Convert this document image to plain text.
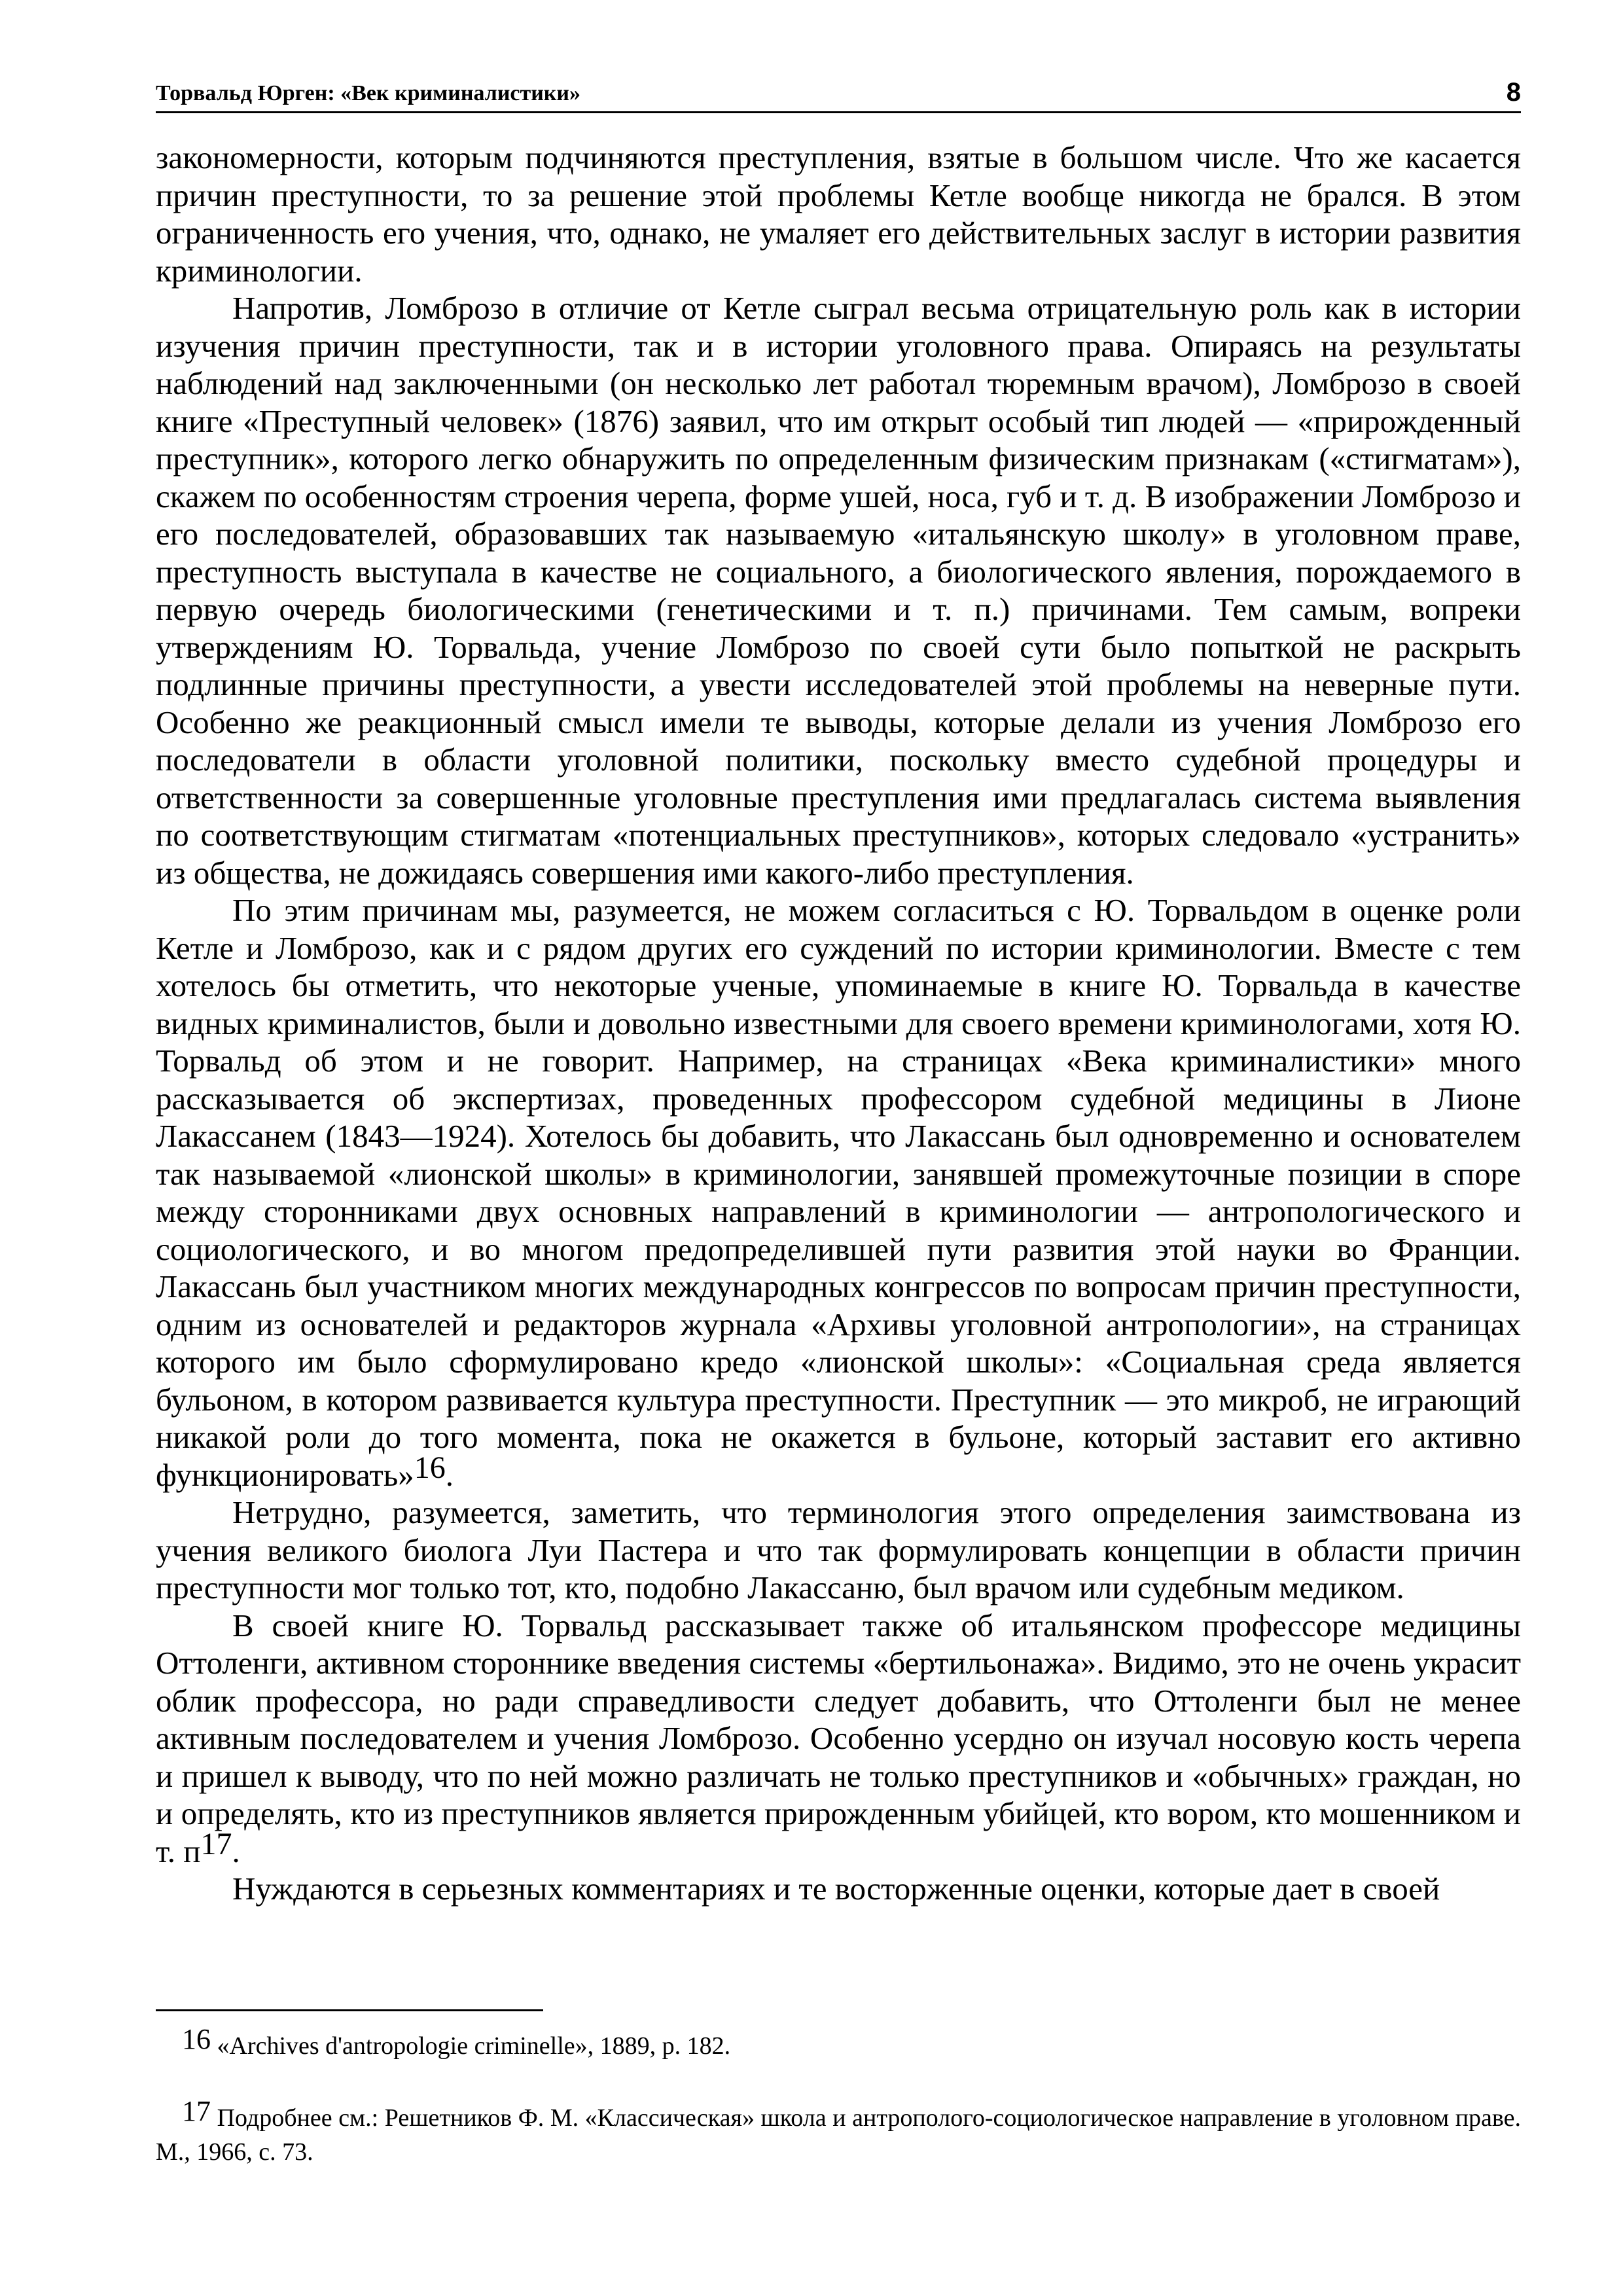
Торвальд Юрген: «Век криминалистики»	8

закономерности, которым подчиняются преступления, взятые в большом числе. Что же касается причин преступности, то за решение этой проблемы Кетле вообще никогда не брался. В этом ограниченность его учения, что, однако, не умаляет его действительных заслуг в истории развития криминологии.

Напротив, Ломброзо в отличие от Кетле сыграл весьма отрицательную роль как в истории изучения причин преступности, так и в истории уголовного права. Опираясь на результаты наблюдений над заключенными (он несколько лет работал тюремным врачом), Ломброзо в своей книге «Преступный человек» (1876) заявил, что им открыт особый тип людей — «прирожденный преступник», которого легко обнаружить по определенным физическим признакам («стигматам»), скажем по особенностям строения черепа, форме ушей, носа, губ и т. д. В изображении Ломброзо и его последователей, образовавших так называемую «итальянскую школу» в уголовном праве, преступность выступала в качестве не социального, а биологического явления, порождаемого в первую очередь биологическими (генетическими и т. п.) причинами. Тем самым, вопреки утверждениям Ю. Торвальда, учение Ломброзо по своей сути было попыткой не раскрыть подлинные причины преступности, а увести исследователей этой проблемы на неверные пути. Особенно же реакционный смысл имели те выводы, которые делали из учения Ломброзо его последователи в области уголовной политики, поскольку вместо судебной процедуры и ответственности за совершенные уголовные преступления ими предлагалась система выявления по соответствующим стигматам «потенциальных преступников», которых следовало «устранить» из общества, не дожидаясь совершения ими какого-либо преступления.

По этим причинам мы, разумеется, не можем согласиться с Ю. Торвальдом в оценке роли Кетле и Ломброзо, как и с рядом других его суждений по истории криминологии. Вместе с тем хотелось бы отметить, что некоторые ученые, упоминаемые в книге Ю. Торвальда в качестве видных криминалистов, были и довольно известными для своего времени криминологами, хотя Ю. Торвальд об этом и не говорит. Например, на страницах «Века криминалистики» много рассказывается об экспертизах, проведенных профессором судебной медицины в Лионе Лакассанем (1843—1924). Хотелось бы добавить, что Лакассань был одновременно и основателем так называемой «лионской школы» в криминологии, занявшей промежуточные позиции в споре между сторонниками двух основных направлений в криминологии — антропологического и социологического, и во многом предопределившей пути развития этой науки во Франции. Лакассань был участником многих международных конгрессов по вопросам причин преступности, одним из основателей и редакторов журнала «Архивы уголовной антропологии», на страницах которого им было сформулировано кредо «лионской школы»: «Социальная среда является бульоном, в котором развивается культура преступности. Преступник — это микроб, не играющий никакой роли до того момента, пока не окажется в бульоне, который заставит его активно функционировать»$^{16}$.

Нетрудно, разумеется, заметить, что терминология этого определения заимствована из учения великого биолога Луи Пастера и что так формулировать концепции в области причин преступности мог только тот, кто, подобно Лакассаню, был врачом или судебным медиком.

В своей книге Ю. Торвальд рассказывает также об итальянском профессоре медицины Оттоленги, активном стороннике введения системы «бертильонажа». Видимо, это не очень украсит облик профессора, но ради справедливости следует добавить, что Оттоленги был не менее активным последователем и учения Ломброзо. Особенно усердно он изучал носовую кость черепа и пришел к выводу, что по ней можно различать не только преступников и «обычных» граждан, но и определять, кто из преступников является прирожденным убийцей, кто вором, кто мошенником и т. $п^{17}$.

Нуждаются в серьезных комментариях и те восторженные оценки, которые дает в своей

16 «Archives d'antropologie criminelle», 1889, p. 182.

17 Подробнее см.: Решетников Ф. М. «Классическая» школа и антрополого-социологическое направление в уголовном праве. М., 1966, с. 73.
